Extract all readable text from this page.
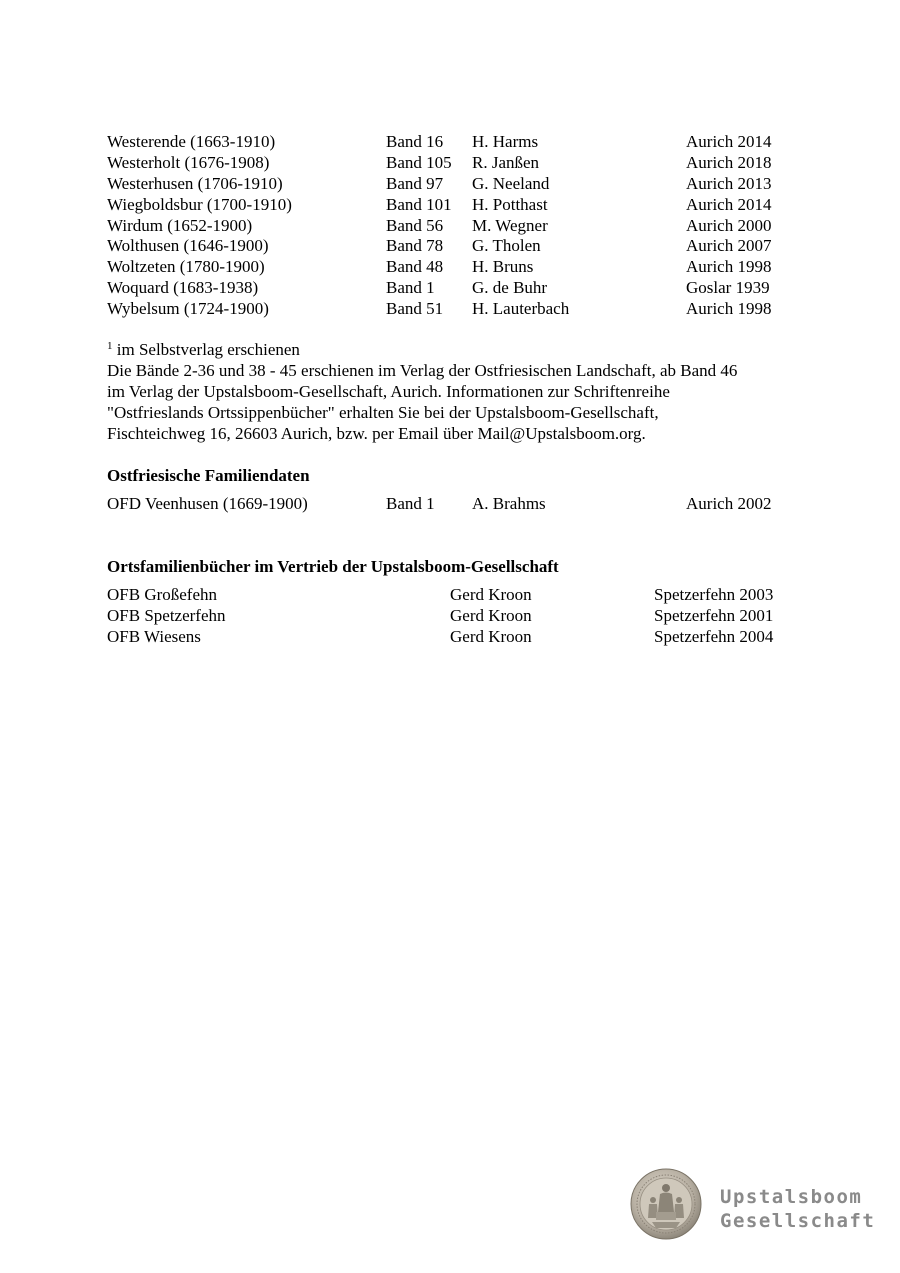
Westerende (1663-1910)	Band 16 H. Harms	Aurich 2014
Westerholt (1676-1908)	Band 105 R. Janßen	Aurich 2018
Westerhusen (1706-1910)	Band 97 G. Neeland	Aurich 2013
Wiegboldsbur (1700-1910)	Band 101 H. Potthast	Aurich 2014
Wirdum (1652-1900)	Band 56 M. Wegner	Aurich 2000
Wolthusen (1646-1900)	Band 78 G. Tholen	Aurich 2007
Woltzeten (1780-1900)	Band 48 H. Bruns	Aurich 1998
Woquard (1683-1938)	Band 1 G. de Buhr	Goslar 1939
Wybelsum (1724-1900)	Band 51 H. Lauterbach	Aurich 1998

$^1$ im Selbstverlag erschienen

Die Bände 2-36 und 38 - 45 erschienen im Verlag der Ostfriesischen Landschaft, ab Band 46

im Verlag der Upstalsboom-Gesellschaft, Aurich. Informationen zur Schriftenreihe

"Ostfrieslands Ortssippenbücher" erhalten Sie bei der Upstalsboom-Gesellschaft,

Fischteichweg 16, 26603 Aurich, bzw. per Email über Mail@Upstalsboom.org.

Ostfriesische Familiendaten
OFD Veenhusen (1669-1900)	Band 1 A. Brahms	Aurich 2002
Ortsfamilienbücher im Vertrieb der Upstalsboom-Gesellschaft
OFB Großefehn	Gerd Kroon	Spetzerfehn 2003
OFB Spetzerfehn	Gerd Kroon	Spetzerfehn 2001
OFB Wiesens	Gerd Kroon	Spetzerfehn 2004
Upstalsboom
Gesellschaft
